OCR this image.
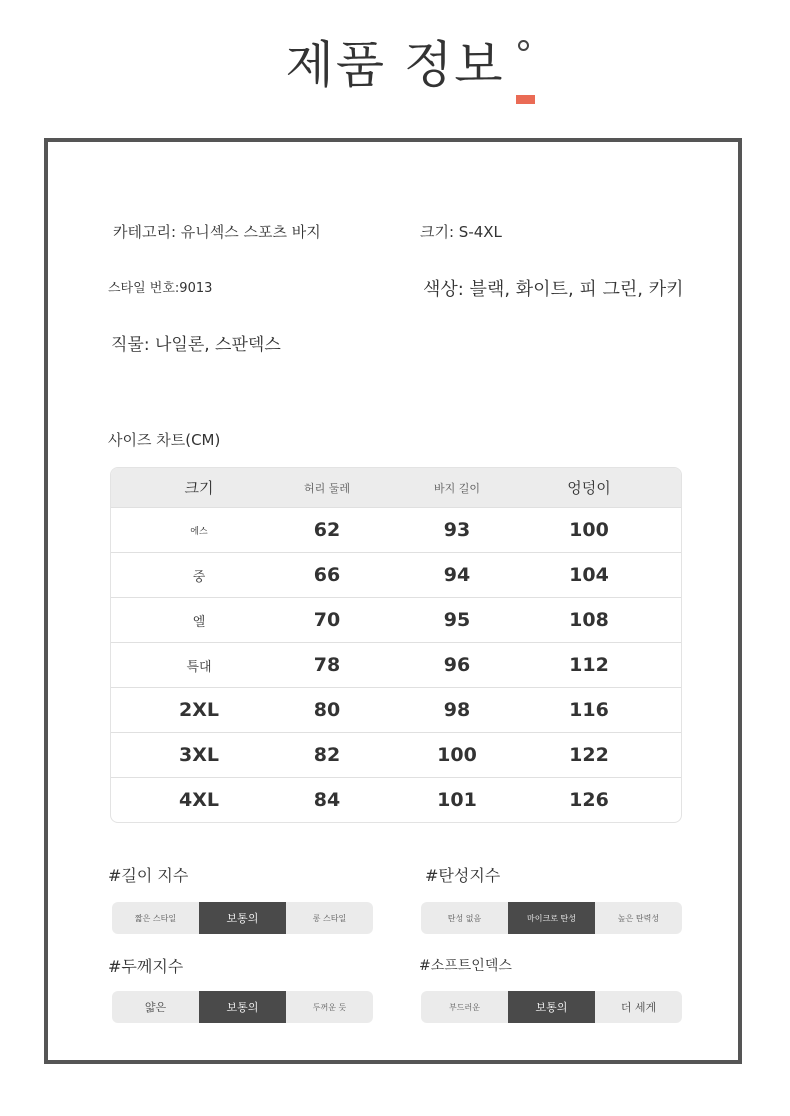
제품 정보
카테고리: 유니섹스 스포츠 바지	크기: S-4XL
스타일 번호:9013	색상: 블랙, 화이트, 피 그린, 카키
직물: 나일론, 스판덱스
사이즈 차트(CM)
크기	허리 둘레	바지 길이	엉덩이
에스	62	93	100
중	66	94	104
엘	70	95	108
특대	78	96	112
2XL	80	98	116
3XL	82	100	122
4XL	84	101	126
#길이 지수
짧은 스타일	보통의	롱 스타일
#탄성지수
탄성 없음	마이크로 탄성	높은 탄력성
#두께지수
얇은	보통의	두꺼운 듯
#소프트인덱스
부드러운	보통의	더 세게
